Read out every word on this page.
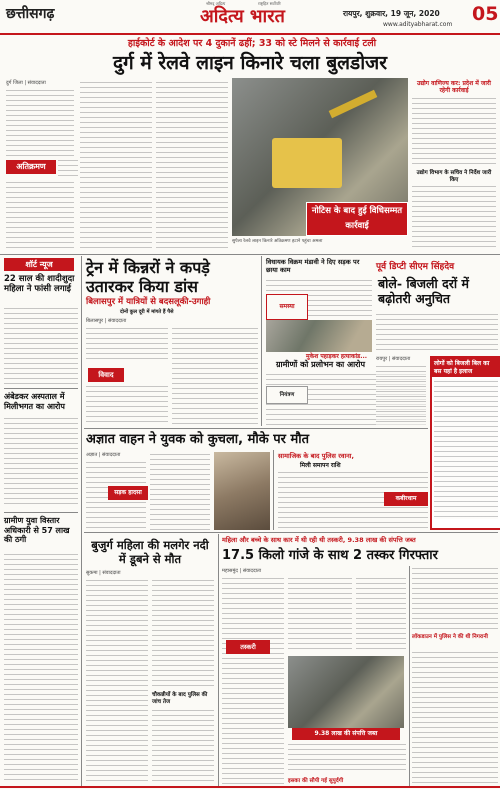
छत्तीसगढ़
श्रीमद् अदित्य
अदित्य भारत
राष्ट्रहित सर्वोपरि
रायपुर, शुक्रवार, 19 जून, 2020
www.adityabharat.com 05
हाईकोर्ट के आदेश पर 4 दुकानें ढहीं; 33 को स्टे मिलने से कार्रवाई टली
दुर्ग में रेलवे लाइन किनारे चला बुलडोजर
दुर्ग जिला | संवाददाता
अतिक्रमण
नोटिस के बाद हुई विधिसम्मत कार्रवाई
सुपेला रेलवे लाइन किनारे अतिक्रमण हटाने पहुंचा अमला
उद्योग वाणिज्य कर: प्रदेश में जारी रहेगी कार्रवाई
उद्योग विभाग के सचिव ने निर्देश जारी किए
शॉर्ट न्यूज
22 साल की शादीशुदा महिला ने फांसी लगाई
अंबेडकर अस्पताल में मिलीभगत का आरोप
ग्रामीण युवा विस्तार अधिकारी से 57 लाख की ठगी
ट्रेन में किन्नरों ने कपड़े उतारकर किया डांस
बिलासपुर में यात्रियों से बदसलूकी-उगाही
दोनों कुल दूरी में मांगते हैं पैसे
बिलासपुर | संवाददाता
विवाद
विधायक विक्रम मंडावी ने दिए सड़क पर छाया काम
समस्या
मुकेश पहाड़कर हत्याकांड...
ग्रामीणों को प्रलोभन का आरोप
नियंत्रण
पूर्व डिप्टी सीएम सिंहदेव
बोले- बिजली दरों में बढ़ोतरी अनुचित
रायपुर | संवाददाता
लोगों को बिजली बिल का बस यहां है इलाज
अज्ञात वाहन ने युवक को कुचला, मौके पर मौत
अज्ञात | संवाददाता
सड़क हादसा
सामाजिक के बाद पुलिस रवाना,
मिली समापन राशि
कबीरधाम
महिला और बच्चे के साथ कार में थी रही थी तस्करी, 9.38 लाख की संपत्ति जब्त
बुजुर्ग महिला की मलगेर नदी में डूबने से मौत
सुकमा | संवाददाता
चौकन्नीयों के बाद पुलिस की जांच तेज
17.5 किलो गांजे के साथ 2 तस्कर गिरफ्तार
महासमुंद | संवाददाता
तस्करी
9.38 लाख की संपत्ति जब्त
इसका की सौपी गई सुपुर्दगी
लॉकडाउन में पुलिस ने की थी निगरानी
